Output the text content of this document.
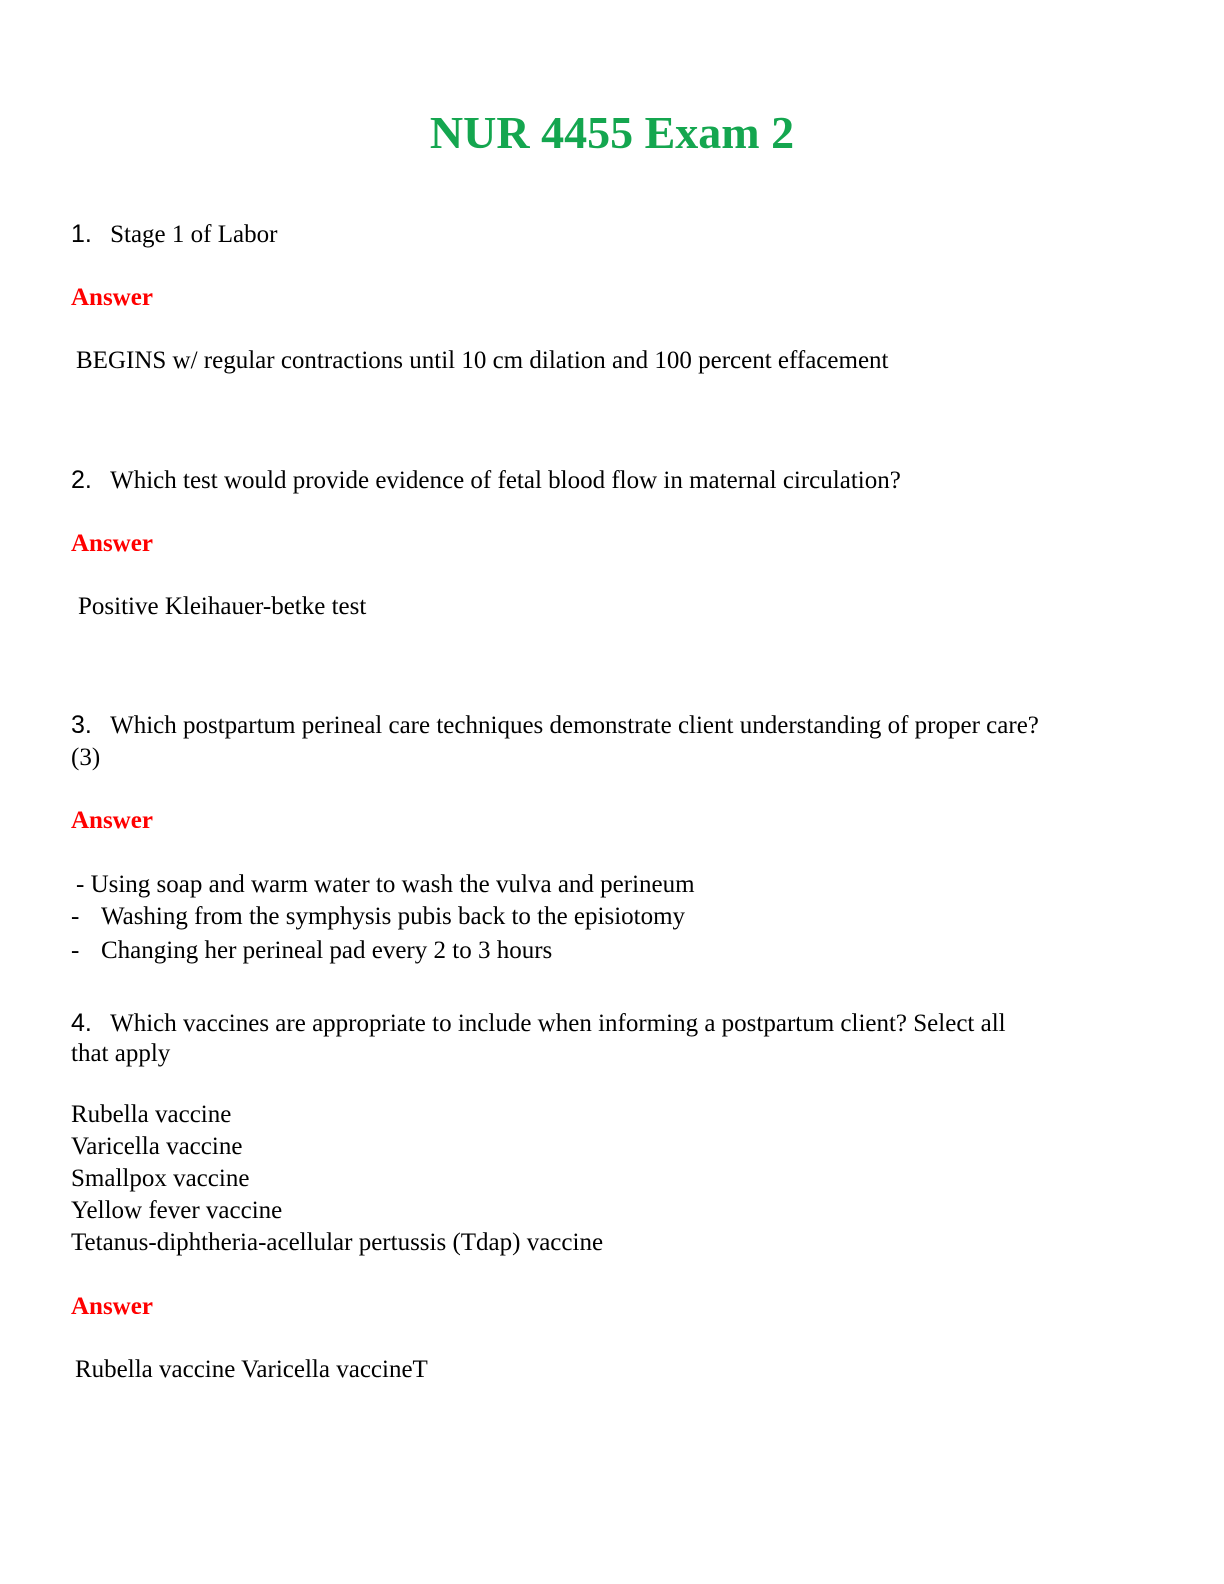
NUR 4455 Exam 2
1. Stage 1 of Labor
Answer
BEGINS w/ regular contractions until 10 cm dilation and 100 percent effacement
2. Which test would provide evidence of fetal blood flow in maternal circulation?
Answer
Positive Kleihauer-betke test
3. Which postpartum perineal care techniques demonstrate client understanding of proper care?
(3)
Answer
- Using soap and warm water to wash the vulva and perineum
- Washing from the symphysis pubis back to the episiotomy
- Changing her perineal pad every 2 to 3 hours
4. Which vaccines are appropriate to include when informing a postpartum client? Select all
that apply
Rubella vaccine
Varicella vaccine
Smallpox vaccine
Yellow fever vaccine
Tetanus-diphtheria-acellular pertussis (Tdap) vaccine
Answer
Rubella vaccine Varicella vaccineT
